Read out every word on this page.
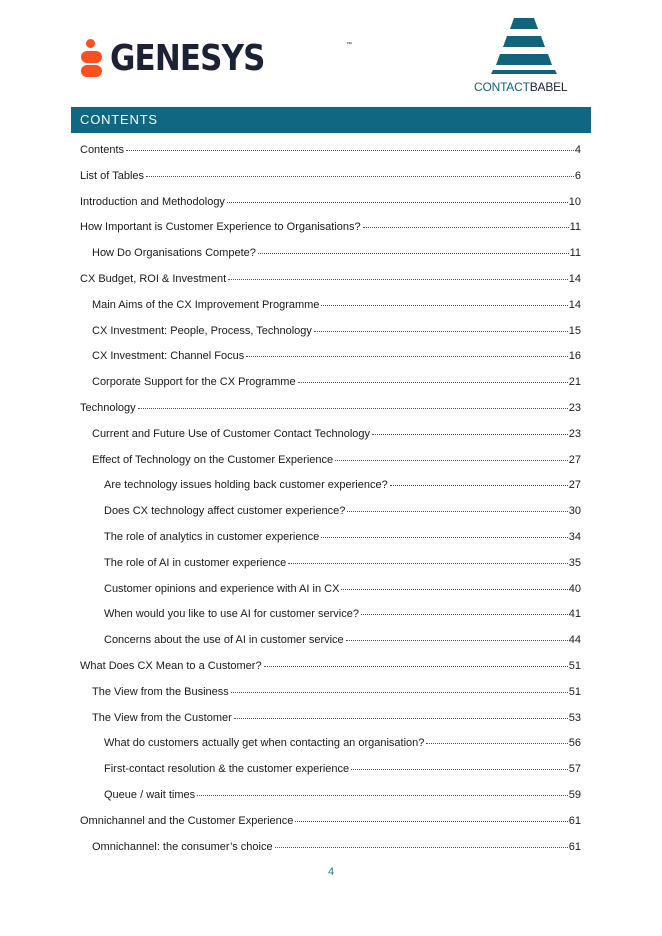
GENESYS	™
CONTACTBABEL
CONTENTS
Contents	4
List of Tables	6
Introduction and Methodology	10
How Important is Customer Experience to Organisations?	11
How Do Organisations Compete?	11
CX Budget, ROI & Investment	14
Main Aims of the CX Improvement Programme	14
CX Investment: People, Process, Technology	15
CX Investment: Channel Focus	16
Corporate Support for the CX Programme	21
Technology	23
Current and Future Use of Customer Contact Technology	23
Effect of Technology on the Customer Experience	27
Are technology issues holding back customer experience?	27
Does CX technology affect customer experience?	30
The role of analytics in customer experience	34
The role of AI in customer experience	35
Customer opinions and experience with AI in CX	40
When would you like to use AI for customer service?	41
Concerns about the use of AI in customer service	44
What Does CX Mean to a Customer?	51
The View from the Business	51
The View from the Customer	53
What do customers actually get when contacting an organisation?	56
First-contact resolution & the customer experience	57
Queue / wait times	59
Omnichannel and the Customer Experience	61
Omnichannel: the consumer’s choice	61
4
